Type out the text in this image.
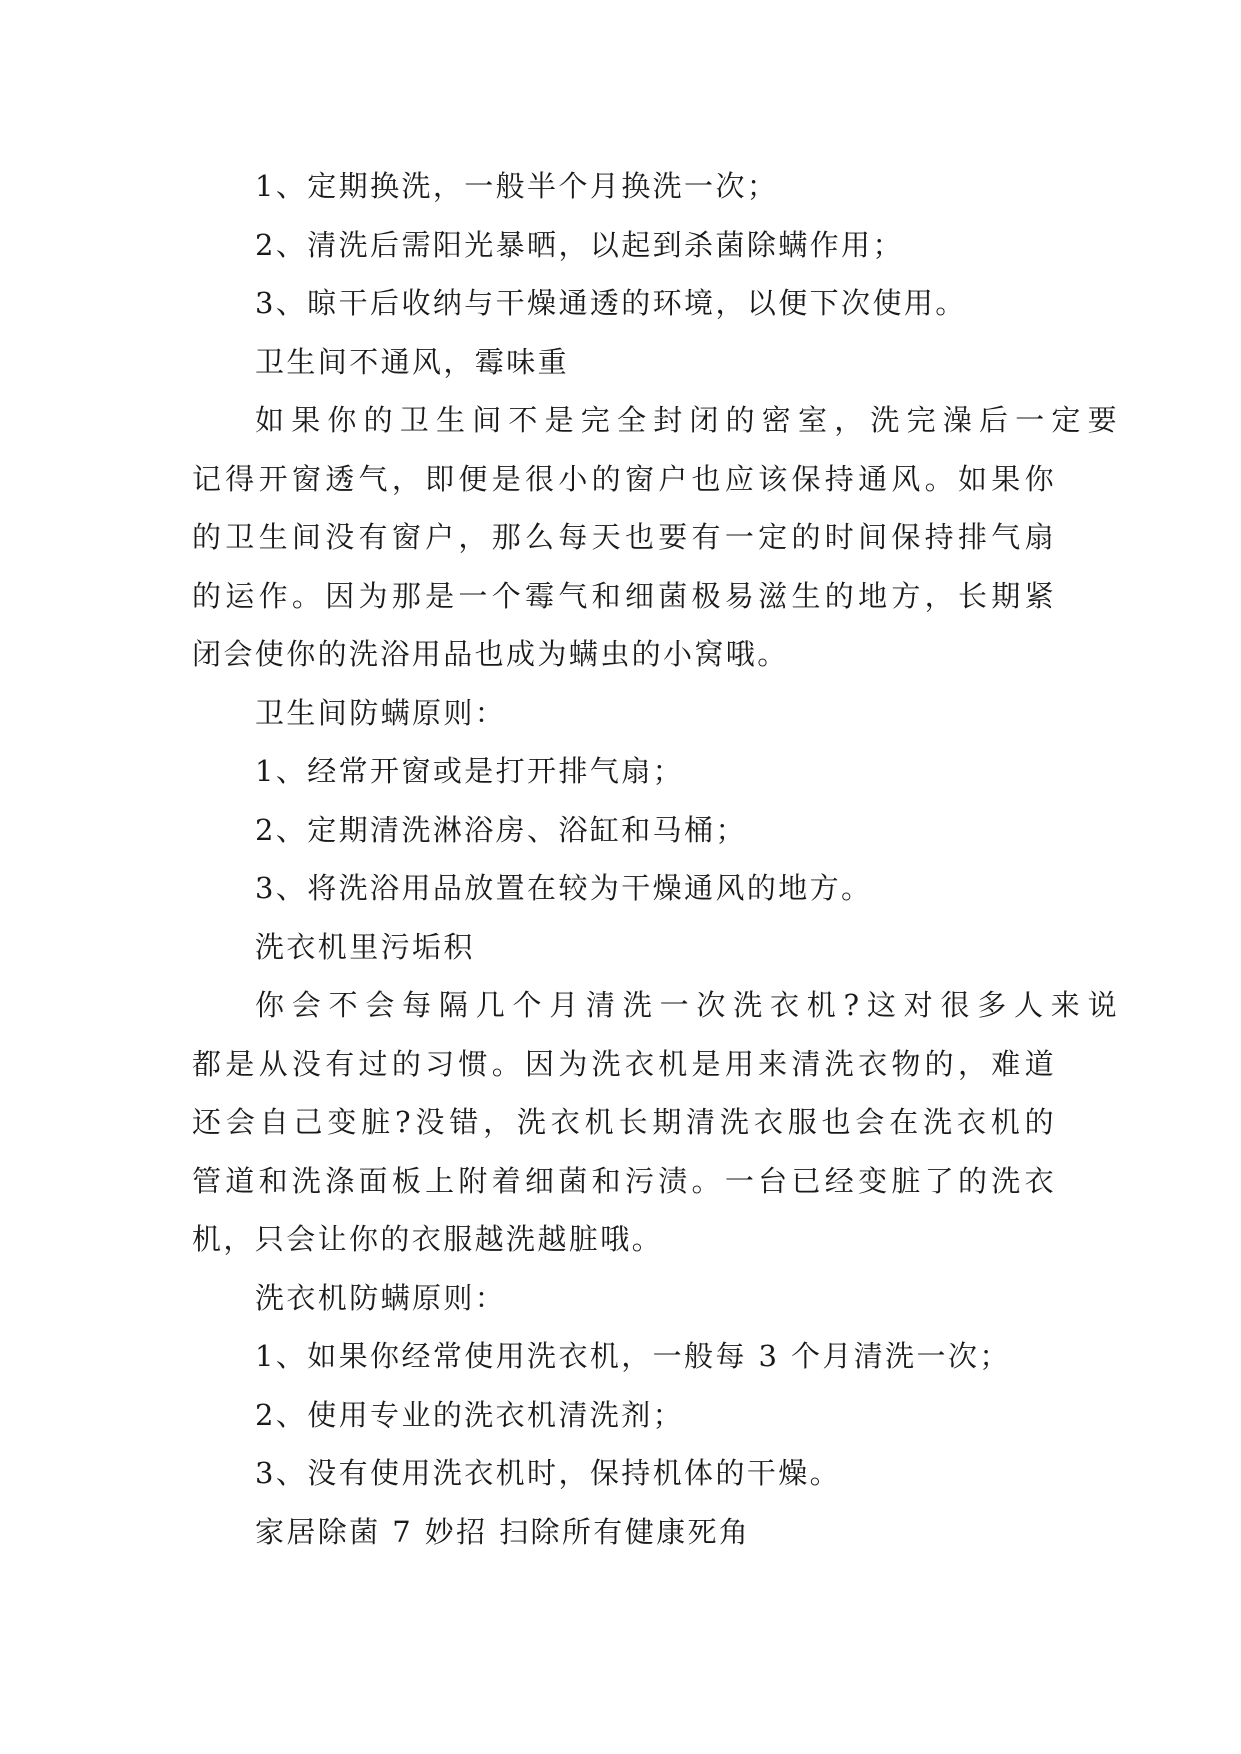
1、定期换洗，一般半个月换洗一次；
2、清洗后需阳光暴晒，以起到杀菌除螨作用；
3、晾干后收纳与干燥通透的环境，以便下次使用。
卫生间不通风，霉味重
如果你的卫生间不是完全封闭的密室，洗完澡后一定要
记得开窗透气，即便是很小的窗户也应该保持通风。如果你
的卫生间没有窗户，那么每天也要有一定的时间保持排气扇
的运作。因为那是一个霉气和细菌极易滋生的地方，长期紧
闭会使你的洗浴用品也成为螨虫的小窝哦。
卫生间防螨原则：
1、经常开窗或是打开排气扇；
2、定期清洗淋浴房、浴缸和马桶；
3、将洗浴用品放置在较为干燥通风的地方。
洗衣机里污垢积
你会不会每隔几个月清洗一次洗衣机?这对很多人来说
都是从没有过的习惯。因为洗衣机是用来清洗衣物的，难道
还会自己变脏?没错，洗衣机长期清洗衣服也会在洗衣机的
管道和洗涤面板上附着细菌和污渍。一台已经变脏了的洗衣
机，只会让你的衣服越洗越脏哦。
洗衣机防螨原则：
1、如果你经常使用洗衣机，一般每 3 个月清洗一次；
2、使用专业的洗衣机清洗剂；
3、没有使用洗衣机时，保持机体的干燥。
家居除菌 7 妙招 扫除所有健康死角
